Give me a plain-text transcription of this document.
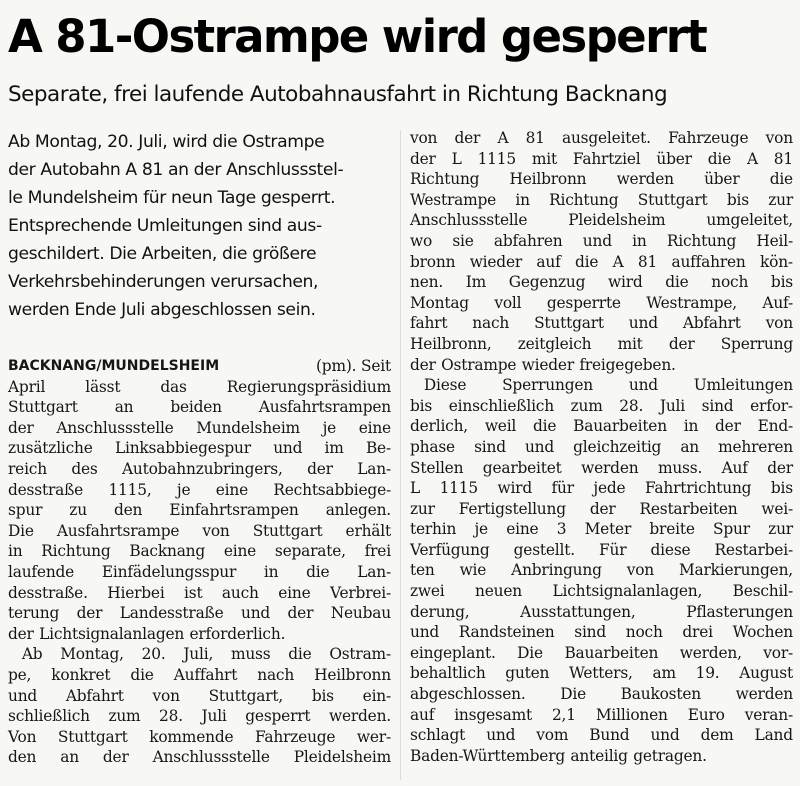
A 81-Ostrampe wird gesperrt
Separate, frei laufende Autobahnausfahrt in Richtung Backnang
Ab Montag, 20. Juli, wird die Ostrampe
der Autobahn A 81 an der Anschlussstel-
le Mundelsheim für neun Tage gesperrt.
Entsprechende Umleitungen sind aus-
geschildert. Die Arbeiten, die größere
Verkehrsbehinderungen verursachen,
werden Ende Juli abgeschlossen sein.
BACKNANG/MUNDELSHEIM	(pm). Seit
April	lässt	das	Regierungspräsidium
Stuttgart an beiden Ausfahrtsrampen
der Anschlussstelle Mundelsheim je eine
zusätzliche Linksabbiegespur und im Be-
reich des Autobahnzubringers, der Lan-
desstraße 1115, je eine Rechtsabbiege-
spur zu den Einfahrtsrampen anlegen.
Die Ausfahrtsrampe von Stuttgart erhält
in Richtung Backnang eine separate, frei
laufende Einfädelungsspur in die Lan-
desstraße. Hierbei ist auch eine Verbrei-
terung der Landesstraße und der Neubau
der Lichtsignalanlagen erforderlich.
Ab Montag, 20. Juli, muss die Ostram-
pe, konkret die Auffahrt nach Heilbronn
und Abfahrt von Stuttgart, bis ein-
schließlich zum 28. Juli gesperrt werden.
Von Stuttgart kommende Fahrzeuge wer-
den an der Anschlussstelle Pleidelsheim
von der A 81 ausgeleitet. Fahrzeuge von
der L 1115 mit Fahrtziel über die A 81
Richtung Heilbronn werden über die
Westrampe in Richtung Stuttgart bis zur
Anschlussstelle	Pleidelsheim	umgeleitet,
wo sie abfahren und in Richtung Heil-
bronn wieder auf die A 81 auffahren kön-
nen. Im Gegenzug wird die noch bis
Montag voll gesperrte Westrampe, Auf-
fahrt nach Stuttgart und Abfahrt von
Heilbronn, zeitgleich mit der Sperrung
der Ostrampe wieder freigegeben.
Diese Sperrungen und Umleitungen
bis einschließlich zum 28. Juli sind erfor-
derlich, weil die Bauarbeiten in der End-
phase sind und gleichzeitig an mehreren
Stellen gearbeitet werden muss. Auf der
L 1115 wird für jede Fahrtrichtung bis
zur Fertigstellung der Restarbeiten wei-
terhin je eine 3 Meter breite Spur zur
Verfügung gestellt. Für diese Restarbei-
ten wie Anbringung von Markierungen,
zwei neuen Lichtsignalanlagen, Beschil-
derung,	Ausstattungen,	Pflasterungen
und Randsteinen sind noch drei Wochen
eingeplant. Die Bauarbeiten werden, vor-
behaltlich guten Wetters, am 19. August
abgeschlossen. Die Baukosten werden
auf insgesamt 2,1 Millionen Euro veran-
schlagt und vom Bund und dem Land
Baden-Württemberg anteilig getragen.
